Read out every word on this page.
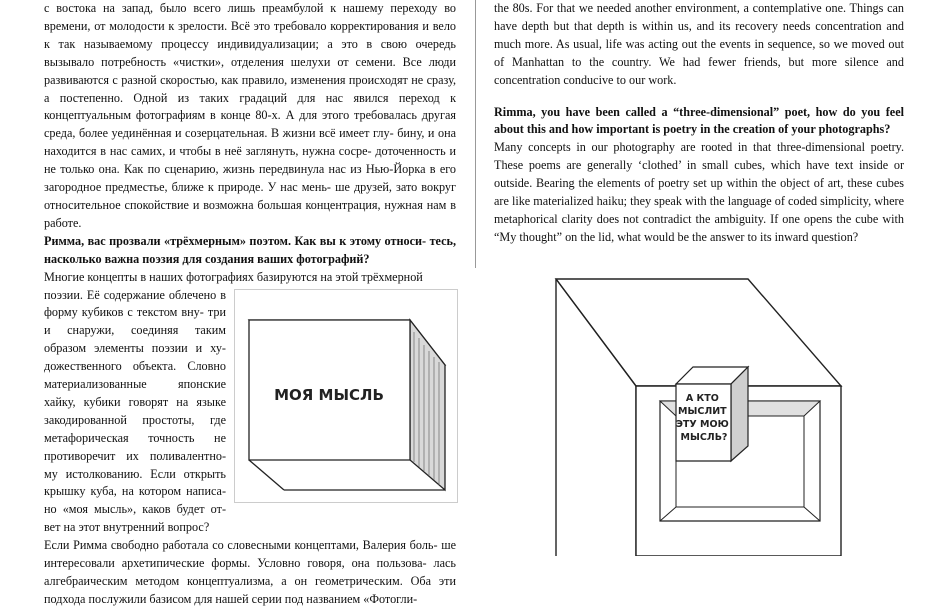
с востока на запад, было всего лишь преамбулой к нашему переходу во времени, от молодости к зрелости. Всё это требовало корректирования и вело к так называемому процессу индивидуализации; а это в свою очередь вызывало потребность «чистки», отделения шелухи от семени. Все люди развиваются с разной скоростью, как правило, изменения происходят не сразу, а постепенно. Одной из таких градаций для нас явился переход к концептуальным фотографиям в конце 80-х. А для этого требовалась другая среда, более уединённая и созерцательная. В жизни всё имеет глу- бину, и она находится в нас самих, и чтобы в неё заглянуть, нужна сосре- доточенность и не только она. Как по сценарию, жизнь передвинула нас из Нью-Йорка в его загородное предместье, ближе к природе. У нас мень- ше друзей, зато вокруг относительное спокойствие и возможна большая концентрация, нужная нам в работе.

Римма, вас прозвали «трёхмерным» поэтом. Как вы к этому относи- тесь, насколько важна поэзия для создания ваших фотографий?

Многие концепты в наших фотографиях базируются на этой трёхмерной

МОЯ МЫСЛЬ

поэзии. Её содержание облечено в форму кубиков с текстом вну- три и снаружи, соединяя таким образом элементы поэзии и ху- дожественного объекта. Словно материализованные японские хайку, кубики говорят на языке закодированной простоты, где метафорическая точность не противоречит их поливалентно- му истолкованию. Если открыть крышку куба, на котором написа- но «моя мысль», каков будет от- вет на этот внутренний вопрос?

Если Римма свободно работала со словесными концептами, Валерия боль- ше интересовали архетипические формы. Условно говоря, она пользова- лась алгебраическим методом концептуализма, а он геометрическим. Оба эти подхода послужили базисом для нашей серии под названием «Фотогли-

the 80s. For that we needed another environment, a contemplative one. Things can have depth but that depth is within us, and its recovery needs concentration and much more. As usual, life was acting out the events in sequence, so we moved out of Manhattan to the country. We had fewer friends, but more silence and concentration conducive to our work.

Rimma, you have been called a “three-dimensional” poet, how do you feel about this and how important is poetry in the creation of your photographs?

Many concepts in our photography are rooted in that three-dimensional poetry. These poems are generally ‘clothed’ in small cubes, which have text inside or outside. Bearing the elements of poetry set up within the object of art, these cubes are like materialized haiku; they speak with the language of coded simplicity, where metaphorical clarity does not contradict the ambiguity. If one opens the cube with “My thought” on the lid, what would be the answer to its inward question?

А КТО МЫСЛИТ ЭТУ МОЮ МЫСЛЬ?
